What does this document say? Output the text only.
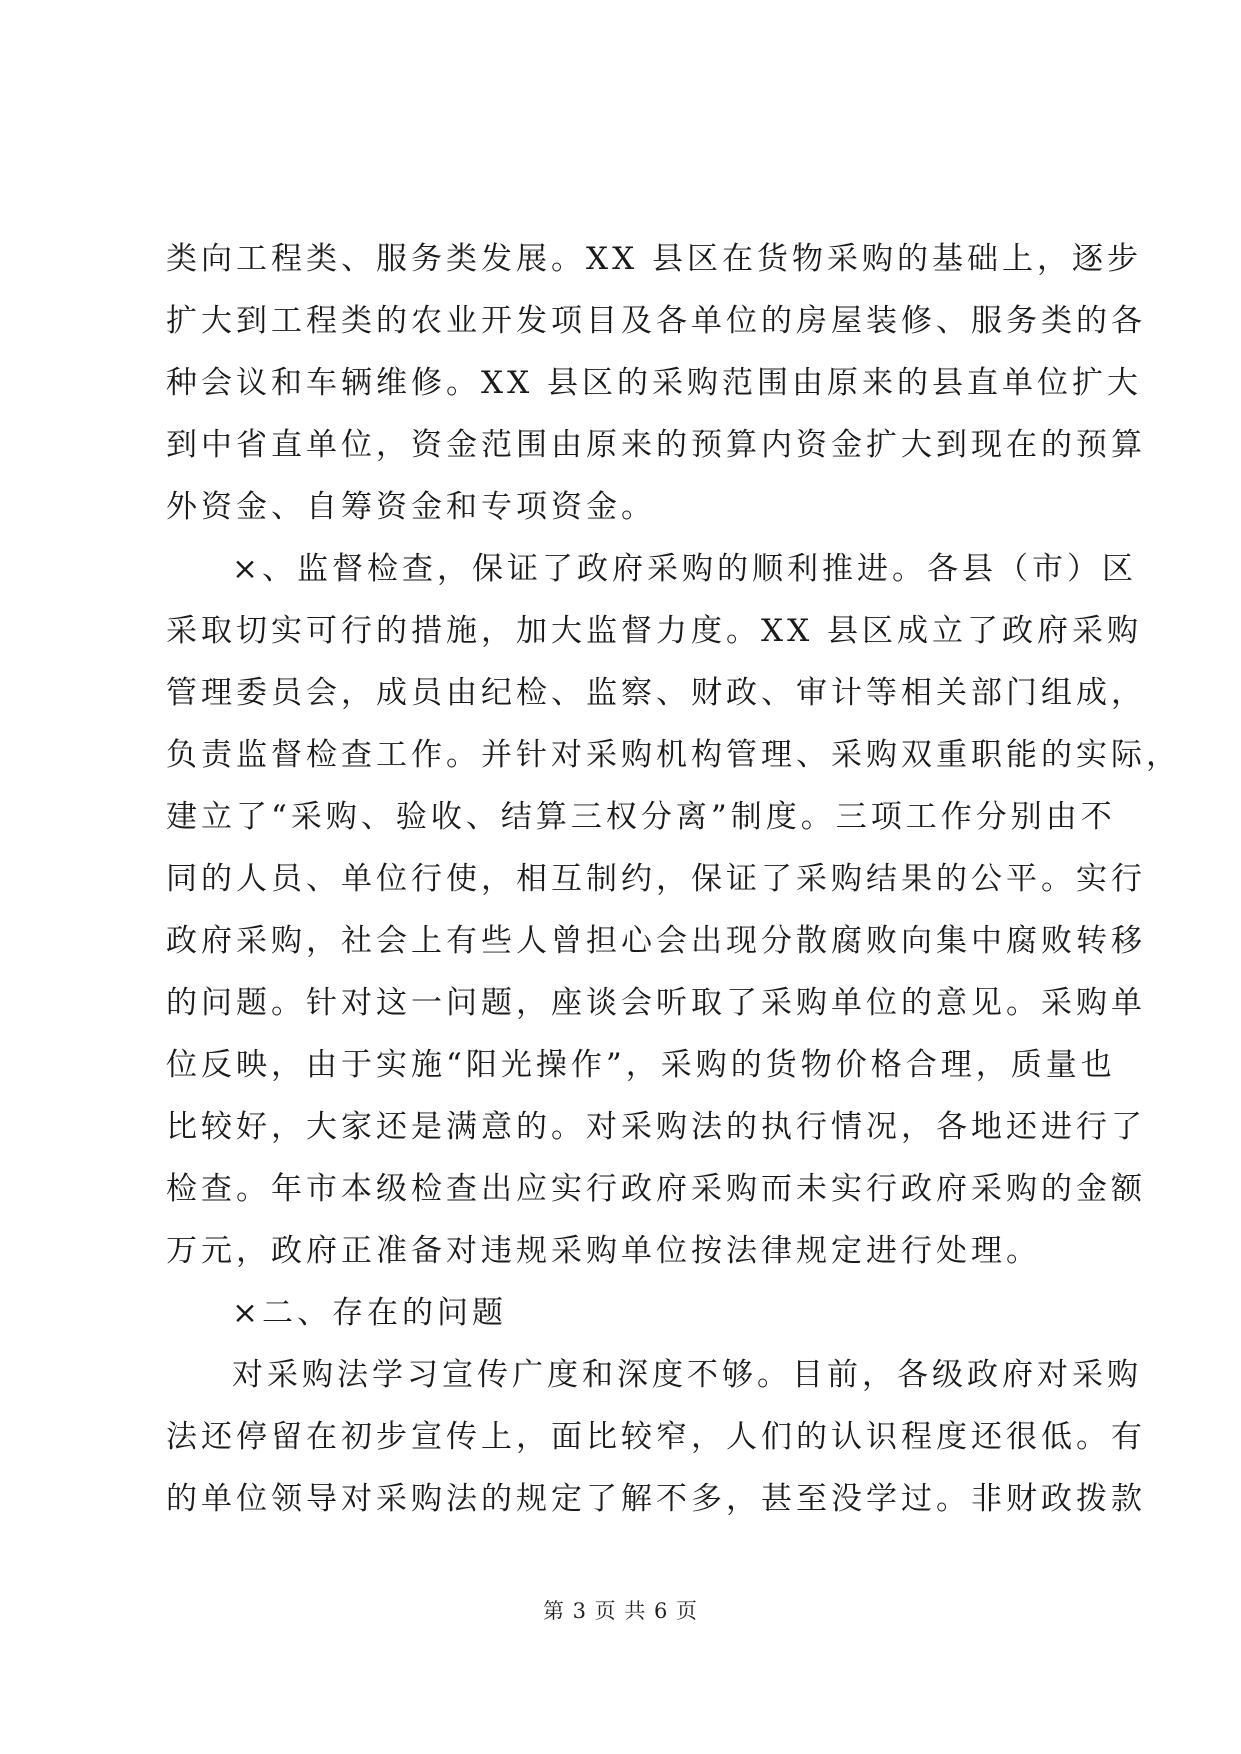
类向工程类、服务类发展。XX 县区在货物采购的基础上，逐步
扩大到工程类的农业开发项目及各单位的房屋装修、服务类的各
种会议和车辆维修。XX 县区的采购范围由原来的县直单位扩大
到中省直单位，资金范围由原来的预算内资金扩大到现在的预算
外资金、自筹资金和专项资金。
×、监督检查，保证了政府采购的顺利推进。各县（市）区
采取切实可行的措施，加大监督力度。XX 县区成立了政府采购
管理委员会，成员由纪检、监察、财政、审计等相关部门组成，
负责监督检查工作。并针对采购机构管理、采购双重职能的实际，
建立了“采购、验收、结算三权分离”制度。三项工作分别由不
同的人员、单位行使，相互制约，保证了采购结果的公平。实行
政府采购，社会上有些人曾担心会出现分散腐败向集中腐败转移
的问题。针对这一问题，座谈会听取了采购单位的意见。采购单
位反映，由于实施“阳光操作”，采购的货物价格合理，质量也
比较好，大家还是满意的。对采购法的执行情况，各地还进行了
检查。年市本级检查出应实行政府采购而未实行政府采购的金额
万元，政府正准备对违规采购单位按法律规定进行处理。
×二、存在的问题
对采购法学习宣传广度和深度不够。目前，各级政府对采购
法还停留在初步宣传上，面比较窄，人们的认识程度还很低。有
的单位领导对采购法的规定了解不多，甚至没学过。非财政拨款
第 3 页 共 6 页
